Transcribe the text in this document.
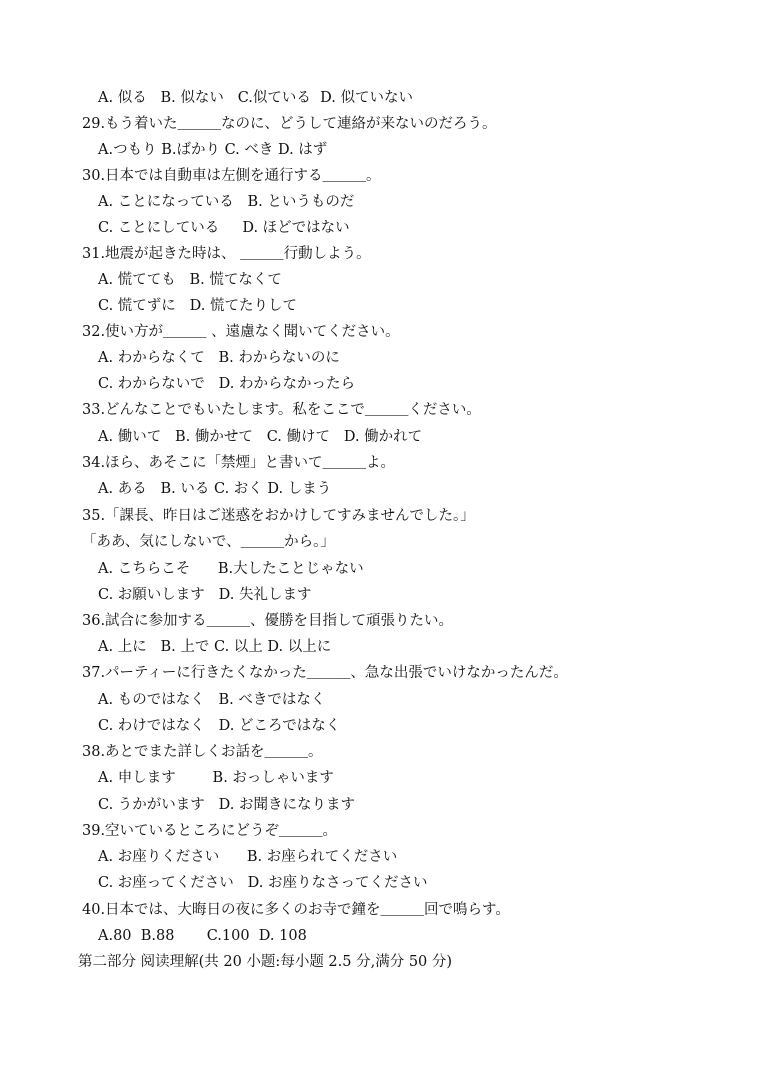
A. 似る   B. 似ない   C.似ている  D. 似ていない
29.もう着いた＿＿＿なのに、どうして連絡が来ないのだろう。
A.つもり B.ばかり C. べき D. はず
30.日本では自動車は左側を通行する＿＿＿。
A. ことになっている   B. というものだ
C. ことにしている     D. ほどではない
31.地震が起きた時は、 ＿＿＿行動しよう。
A. 慌てても   B. 慌てなくて
C. 慌てずに   D. 慌てたりして
32.使い方が＿＿＿ 、遠慮なく聞いてください。
A. わからなくて   B. わからないのに
C. わからないで   D. わからなかったら
33.どんなことでもいたします。私をここで＿＿＿ください。
A. 働いて   B. 働かせて   C. 働けて   D. 働かれて
34.ほら、あそこに「禁煙」と書いて＿＿＿よ。
A. ある   B. いる C. おく D. しまう
35.「課長、昨日はご迷惑をおかけしてすみませんでした。」
「ああ、気にしないで、＿＿＿から。」
A. こちらこそ      B.大したことじゃない
C. お願いします   D. 失礼します
36.試合に参加する＿＿＿、優勝を目指して頑張りたい。
A. 上に   B. 上で C. 以上 D. 以上に
37.パーティーに行きたくなかった＿＿＿、急な出張でいけなかったんだ。
A. ものではなく   B. べきではなく
C. わけではなく   D. どころではなく
38.あとでまた詳しくお話を＿＿＿。
A. 申します        B. おっしゃいます
C. うかがいます   D. お聞きになります
39.空いているところにどうぞ＿＿＿。
A. お座りください      B. お座られてください
C. お座ってください   D. お座りなさってください
40.日本では、大晦日の夜に多くのお寺で鐘を＿＿＿回で鳴らす。
A.80  B.88       C.100  D. 108
第二部分 阅读理解(共 20 小题:每小题 2.5 分,满分 50 分)
